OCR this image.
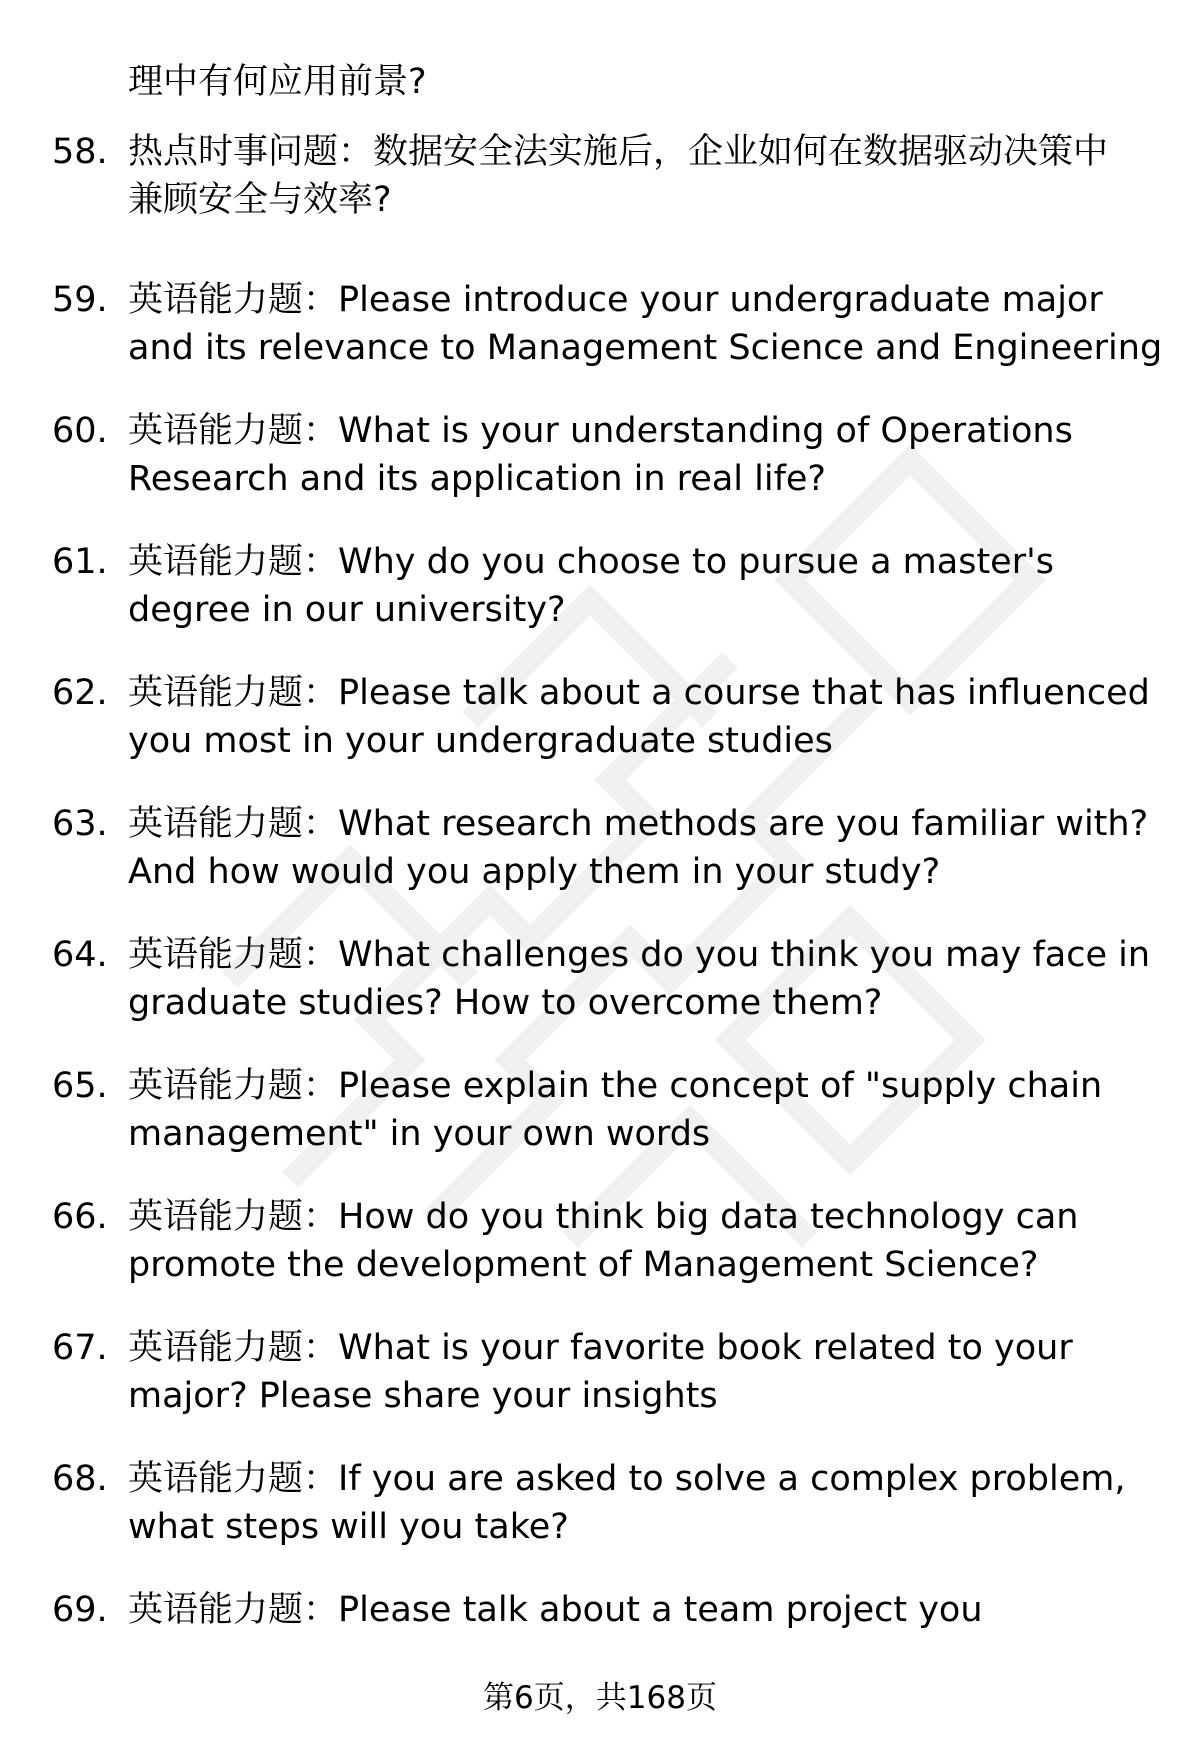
理中有何应用前景?
58. 热点时事问题：数据安全法实施后，企业如何在数据驱动决策中
兼顾安全与效率?
59. 英语能力题：Please introduce your undergraduate major
and its relevance to Management Science and Engineering
60. 英语能力题：What is your understanding of Operations
Research and its application in real life?
61. 英语能力题：Why do you choose to pursue a master's
degree in our university?
62. 英语能力题：Please talk about a course that has influenced
you most in your undergraduate studies
63. 英语能力题：What research methods are you familiar with?
And how would you apply them in your study?
64. 英语能力题：What challenges do you think you may face in
graduate studies? How to overcome them?
65. 英语能力题：Please explain the concept of "supply chain
management" in your own words
66. 英语能力题：How do you think big data technology can
promote the development of Management Science?
67. 英语能力题：What is your favorite book related to your
major? Please share your insights
68. 英语能力题：If you are asked to solve a complex problem,
what steps will you take?
69. 英语能力题：Please talk about a team project you
第6页，共168页
